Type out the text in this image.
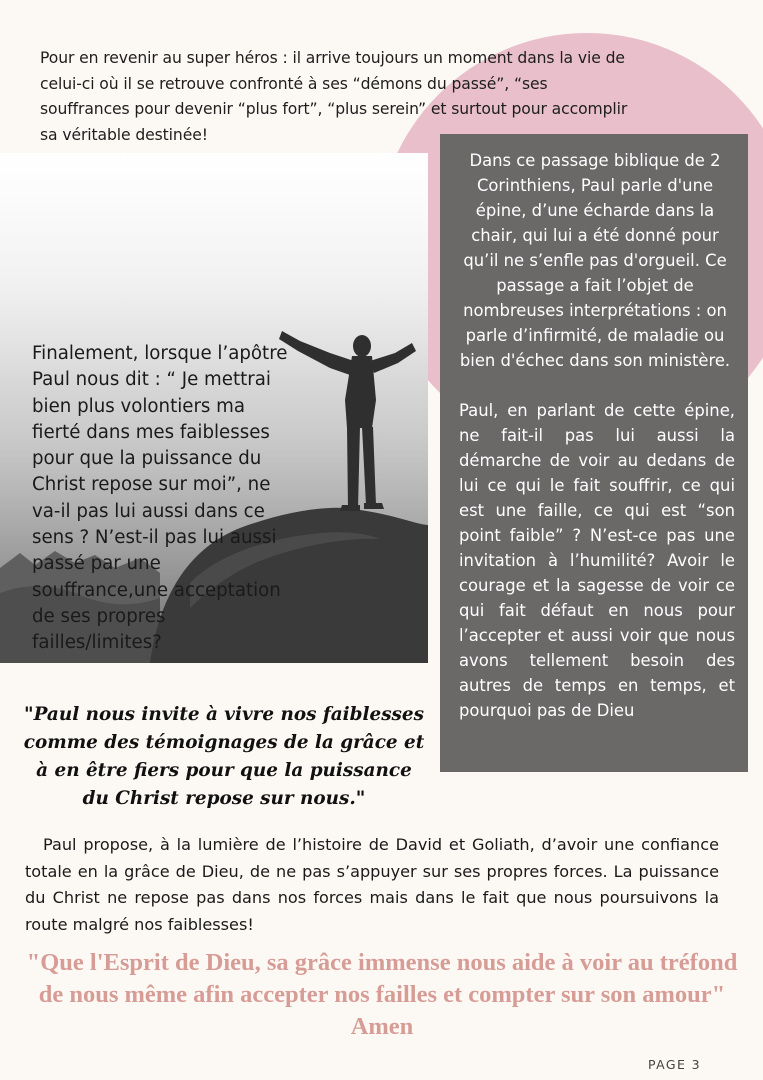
Pour en revenir au super héros : il arrive toujours un moment dans la vie de celui-ci où il se retrouve confronté à ses “démons du passé”, “ses souffrances pour devenir “plus fort”, “plus serein” et surtout pour accomplir sa véritable destinée!

Finalement, lorsque l’apôtre Paul nous dit : “ Je mettrai bien plus volontiers ma fierté dans mes faiblesses pour que la puissance du Christ repose sur moi”, ne va-il pas lui aussi dans ce sens ? N’est-il pas lui aussi passé par une souffrance,une acceptation de ses propres failles/limites?

Dans ce passage biblique de 2 Corinthiens, Paul parle d'une épine, d’une écharde dans la chair, qui lui a été donné pour qu’il ne s’enfle pas d'orgueil. Ce passage a fait l’objet de nombreuses interprétations : on parle d’infirmité, de maladie ou bien d'échec dans son ministère.

Paul, en parlant de cette épine, ne fait-il pas lui aussi la démarche de voir au dedans de lui ce qui le fait souffrir, ce qui est une faille, ce qui est “son point faible” ? N’est-ce pas une invitation à l’humilité? Avoir le courage et la sagesse de voir ce qui fait défaut en nous pour l’accepter et aussi voir que nous avons tellement besoin des autres de temps en temps, et pourquoi pas de Dieu

"Paul nous invite à vivre nos faiblesses comme des témoignages de la grâce et à en être fiers pour que la puissance du Christ repose sur nous."

Paul propose, à la lumière de l’histoire de David et Goliath, d’avoir une confiance totale en la grâce de Dieu, de ne pas s’appuyer sur ses propres forces. La puissance du Christ ne repose pas dans nos forces mais dans le fait que nous poursuivons la route malgré nos faiblesses!

"Que l'Esprit de Dieu, sa grâce immense nous aide à voir au tréfond
de nous même afin accepter nos failles et compter sur son amour"
Amen

PAGE 3
